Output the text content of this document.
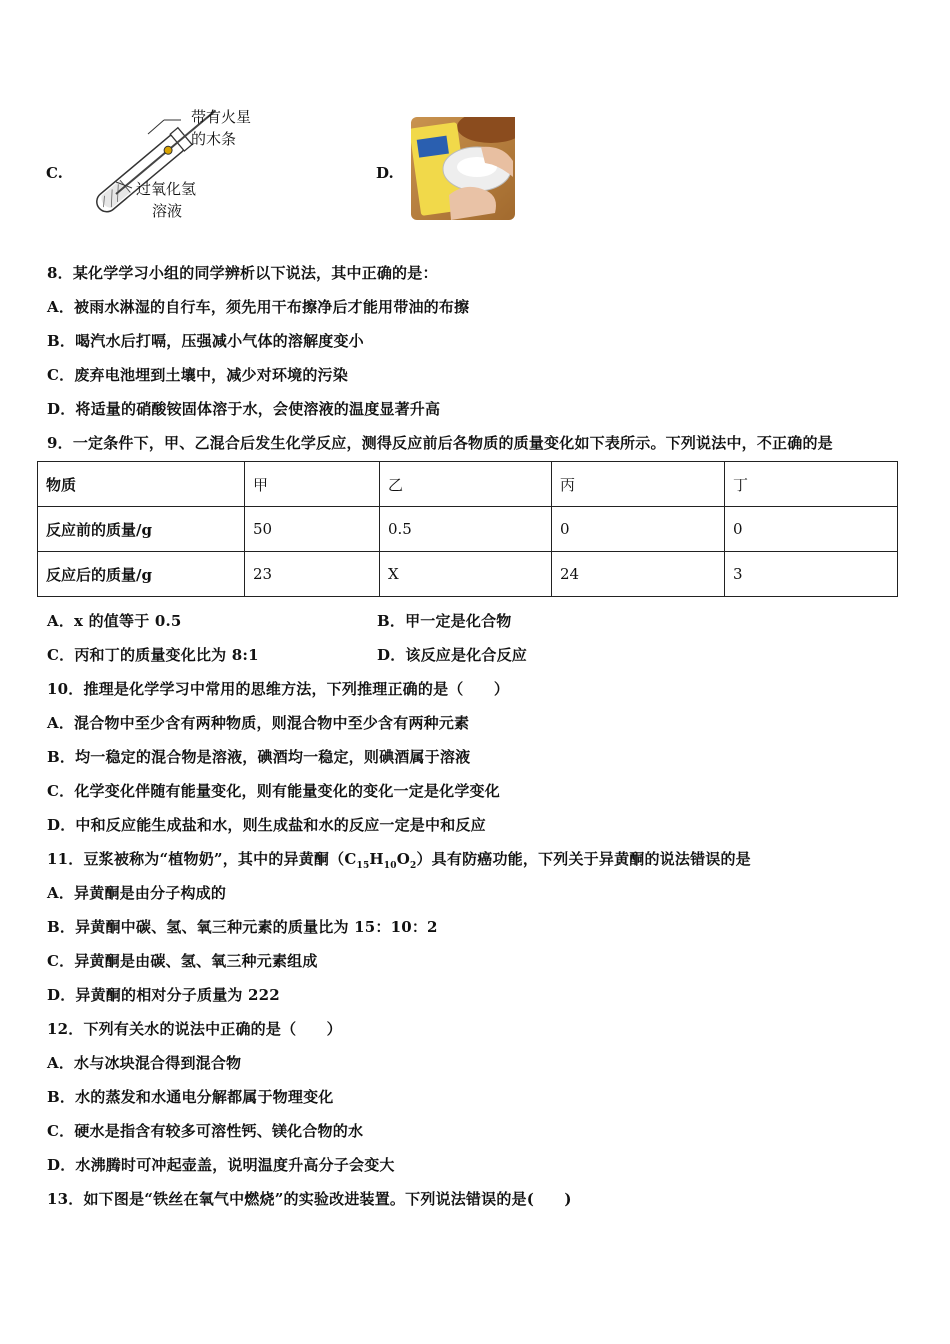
C.
带有火星
的木条
过氧化氢
溶液
D.
8．某化学学习小组的同学辨析以下说法，其中正确的是：
A．被雨水淋湿的自行车，须先用干布擦净后才能用带油的布擦
B．喝汽水后打嗝，压强减小气体的溶解度变小
C．废弃电池埋到土壤中，减少对环境的污染
D．将适量的硝酸铵固体溶于水，会使溶液的温度显著升高
9．一定条件下，甲、乙混合后发生化学反应，测得反应前后各物质的质量变化如下表所示。下列说法中，不正确的是
物质	甲	乙	丙	丁
反应前的质量/g	50	0.5	0	0
反应后的质量/g	23	X	24	3
A．x 的值等于 0.5	B．甲一定是化合物
C．丙和丁的质量变化比为 8:1	D．该反应是化合反应
10．推理是化学学习中常用的思维方法，下列推理正确的是（　　）
A．混合物中至少含有两种物质，则混合物中至少含有两种元素
B．均一稳定的混合物是溶液，碘酒均一稳定，则碘酒属于溶液
C．化学变化伴随有能量变化，则有能量变化的变化一定是化学变化
D．中和反应能生成盐和水，则生成盐和水的反应一定是中和反应
11．豆浆被称为“植物奶”，其中的异黄酮$(C_{15}H_{10}O_2)$具有防癌功能，下列关于异黄酮的说法错误的是
A．异黄酮是由分子构成的
B．异黄酮中碳、氢、氧三种元素的质量比为 15：10：2
C．异黄酮是由碳、氢、氧三种元素组成
D．异黄酮的相对分子质量为 222
12．下列有关水的说法中正确的是（　　）
A．水与冰块混合得到混合物
B．水的蒸发和水通电分解都属于物理变化
C．硬水是指含有较多可溶性钙、镁化合物的水
D．水沸腾时可冲起壶盖，说明温度升高分子会变大
13．如下图是“铁丝在氧气中燃烧”的实验改进装置。下列说法错误的是(　　)
